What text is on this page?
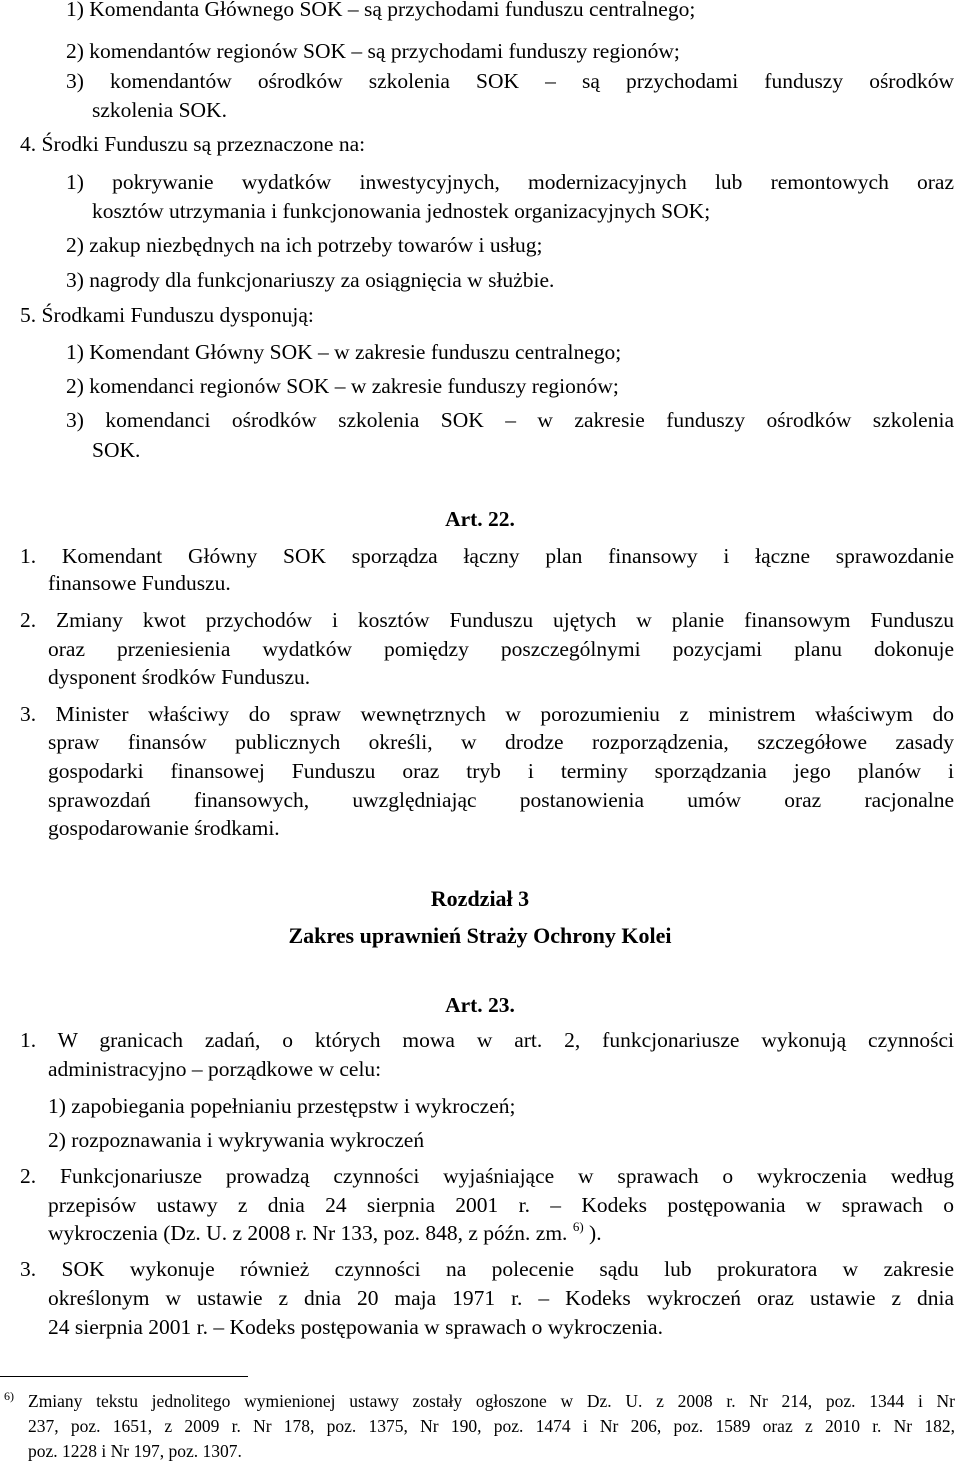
1) Komendanta Głównego SOK – są przychodami funduszu centralnego;
2) komendantów regionów SOK – są przychodami funduszy regionów;
3) komendantów ośrodków szkolenia SOK – są przychodami funduszy ośrodków
szkolenia SOK.
4. Środki Funduszu są przeznaczone na:
1) pokrywanie wydatków inwestycyjnych, modernizacyjnych lub remontowych oraz
kosztów utrzymania i funkcjonowania jednostek organizacyjnych SOK;
2) zakup niezbędnych na ich potrzeby towarów i usług;
3) nagrody dla funkcjonariuszy za osiągnięcia w służbie.
5. Środkami Funduszu dysponują:
1) Komendant Główny SOK – w zakresie funduszu centralnego;
2) komendanci regionów SOK – w zakresie funduszy regionów;
3) komendanci ośrodków szkolenia SOK – w zakresie funduszy ośrodków szkolenia
SOK.
Art. 22.
1. Komendant Główny SOK sporządza łączny plan finansowy i łączne sprawozdanie
finansowe Funduszu.
2. Zmiany kwot przychodów i kosztów Funduszu ujętych w planie finansowym Funduszu
oraz przeniesienia wydatków pomiędzy poszczególnymi pozycjami planu dokonuje
dysponent środków Funduszu.
3. Minister właściwy do spraw wewnętrznych w porozumieniu z ministrem właściwym do
spraw finansów publicznych określi, w drodze rozporządzenia, szczegółowe zasady
gospodarki finansowej Funduszu oraz tryb i terminy sporządzania jego planów i
sprawozdań finansowych, uwzględniając postanowienia umów oraz racjonalne
gospodarowanie środkami.
Rozdział 3
Zakres uprawnień Straży Ochrony Kolei
Art. 23.
1. W granicach zadań, o których mowa w art. 2, funkcjonariusze wykonują czynności
administracyjno – porządkowe w celu:
1) zapobiegania popełnianiu przestępstw i wykroczeń;
2) rozpoznawania i wykrywania wykroczeń
2. Funkcjonariusze prowadzą czynności wyjaśniające w sprawach o wykroczenia według
przepisów ustawy z dnia 24 sierpnia 2001 r. – Kodeks postępowania w sprawach o
wykroczenia (Dz. U. z 2008 r. Nr 133, poz. 848, z późn. zm. $^{6)}$ ).
3. SOK wykonuje również czynności na polecenie sądu lub prokuratora w zakresie
określonym w ustawie z dnia 20 maja 1971 r. – Kodeks wykroczeń oraz ustawie z dnia
24 sierpnia 2001 r. – Kodeks postępowania w sprawach o wykroczenia.
$^{6)}$ Zmiany tekstu jednolitego wymienionej ustawy zostały ogłoszone w Dz. U. z 2008 r. Nr 214, poz. 1344 i Nr
237, poz. 1651, z 2009 r. Nr 178, poz. 1375, Nr 190, poz. 1474 i Nr 206, poz. 1589 oraz z 2010 r. Nr 182,
poz. 1228 i Nr 197, poz. 1307.
